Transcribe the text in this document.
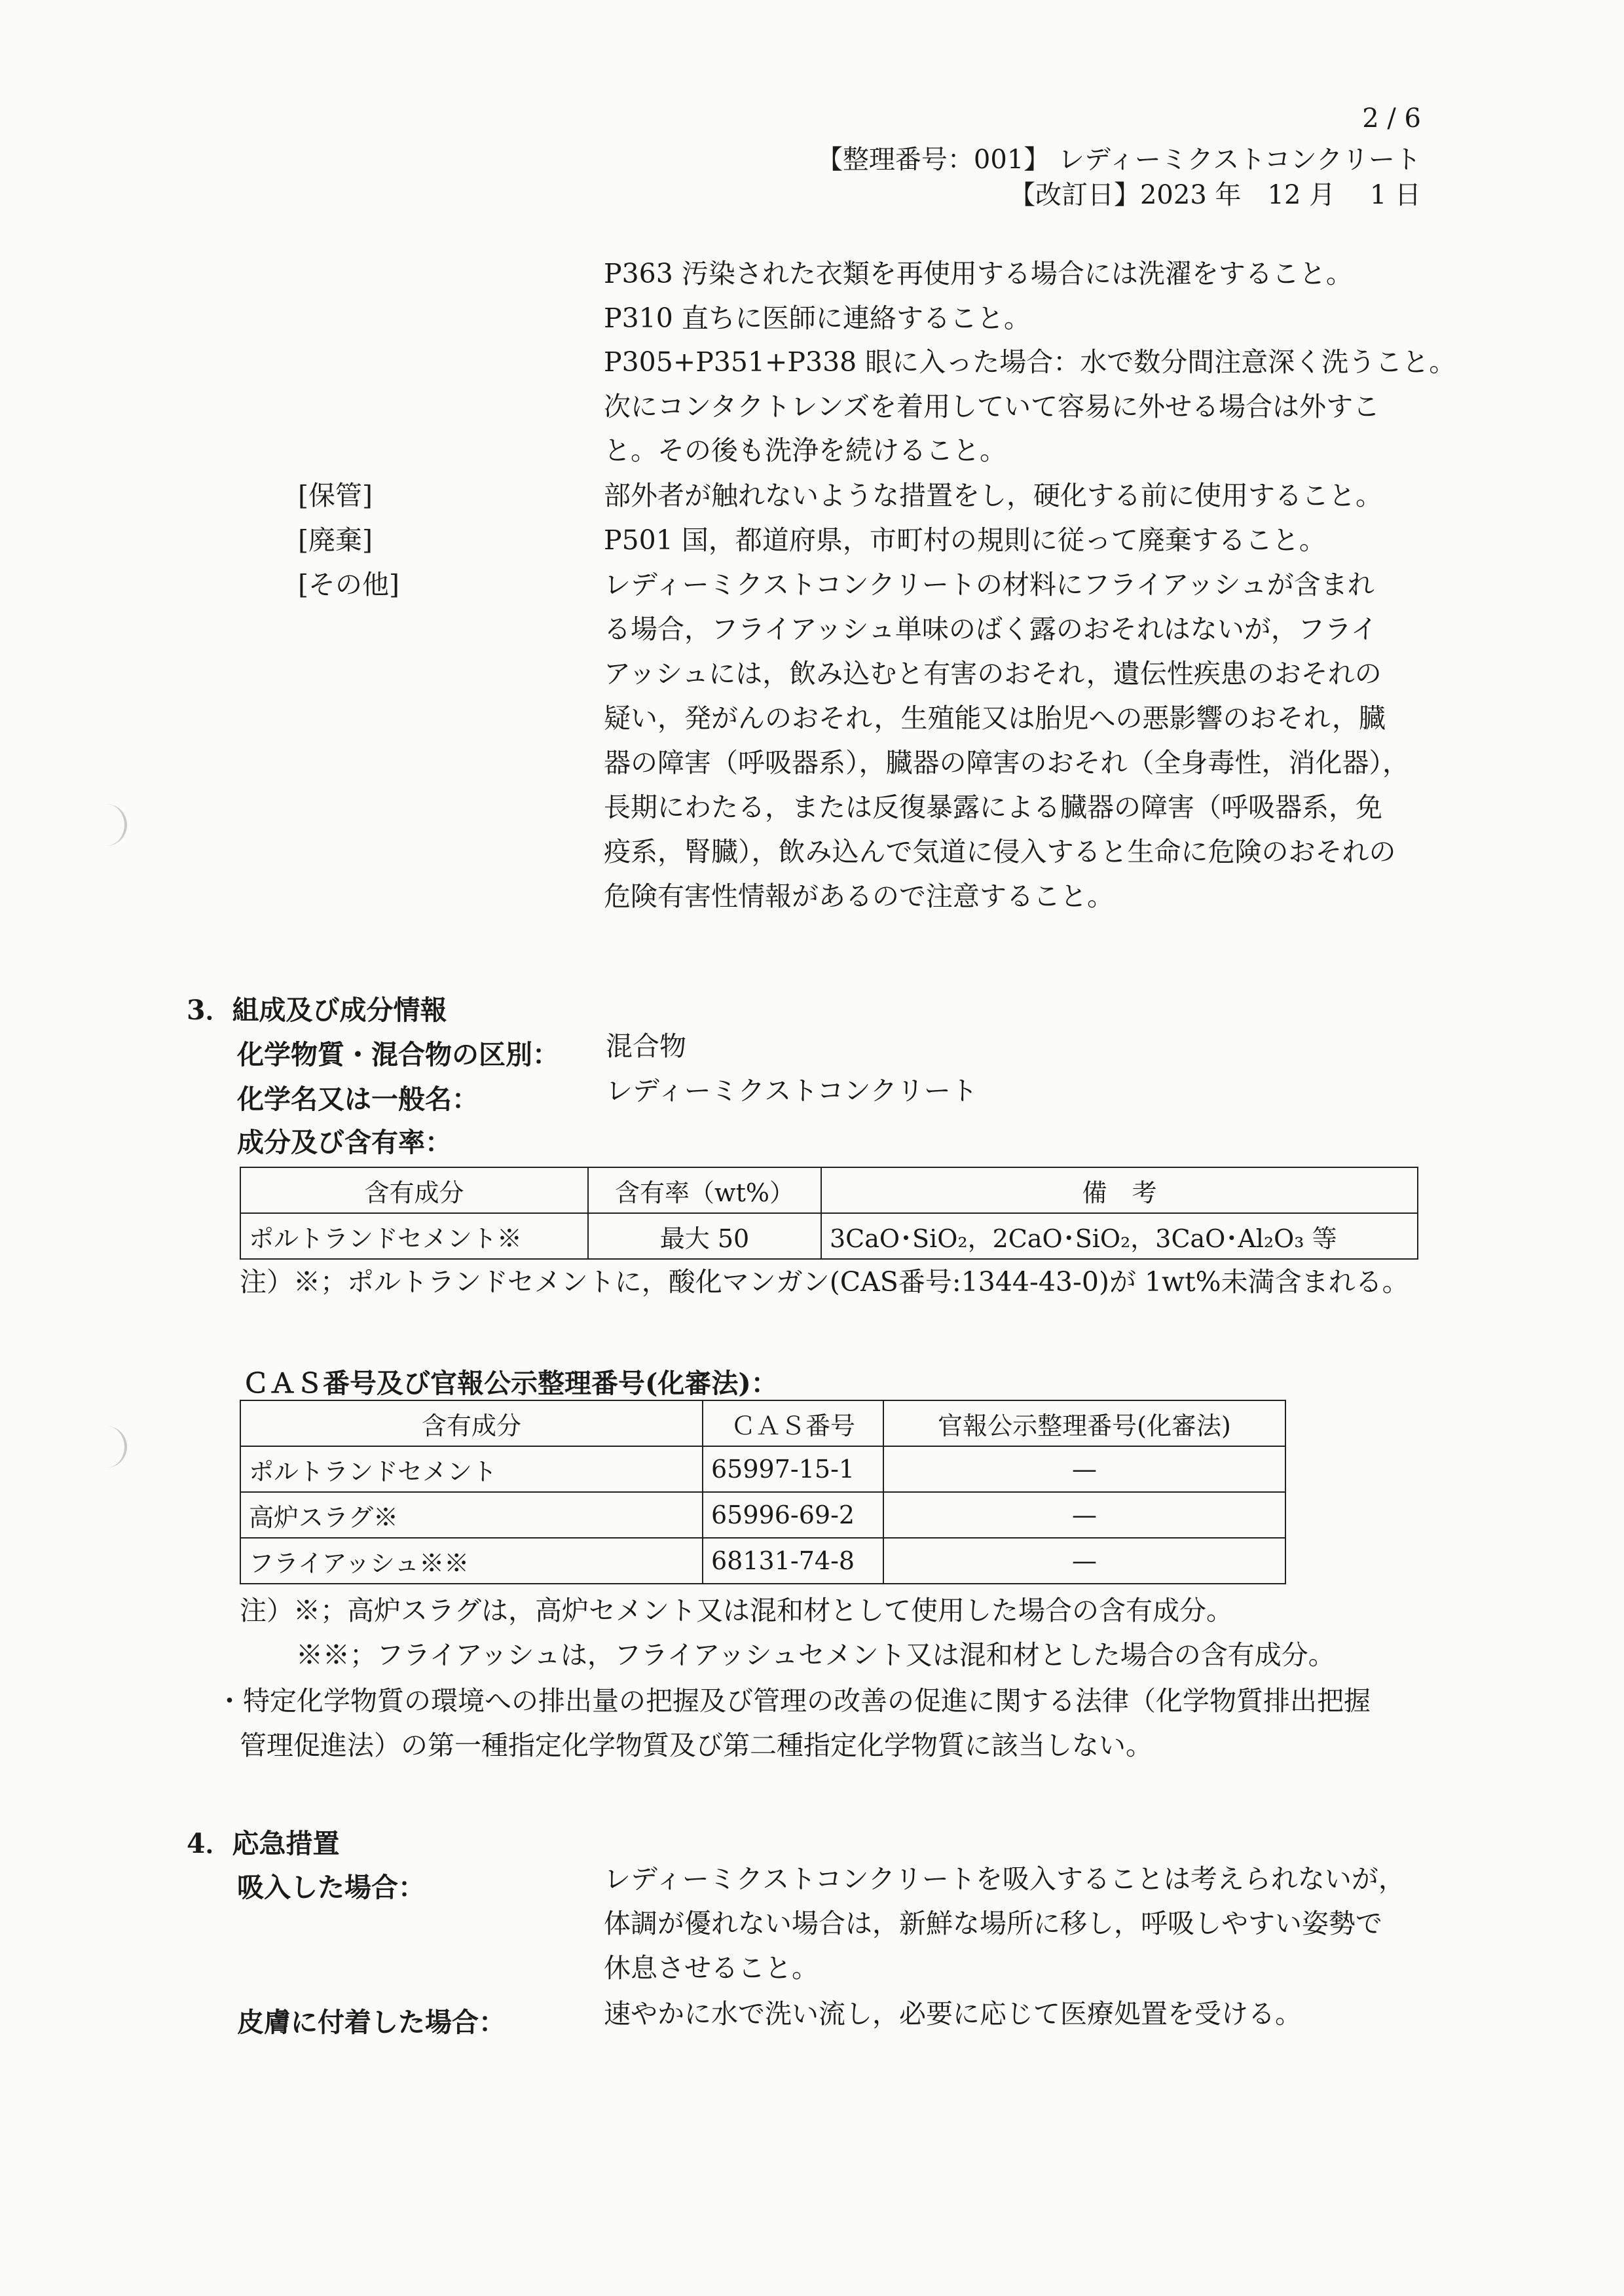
2 / 6
【整理番号：001】 レディーミクストコンクリート
【改訂日】2023 年　12 月　 1 日
P363 汚染された衣類を再使用する場合には洗濯をすること。
P310 直ちに医師に連絡すること。
P305+P351+P338 眼に入った場合：水で数分間注意深く洗うこと。
次にコンタクトレンズを着用していて容易に外せる場合は外すこ
と。その後も洗浄を続けること。
[保管]	部外者が触れないような措置をし，硬化する前に使用すること。
[廃棄]	P501 国，都道府県，市町村の規則に従って廃棄すること。
[その他]	レディーミクストコンクリートの材料にフライアッシュが含まれ
る場合，フライアッシュ単味のばく露のおそれはないが，フライ
アッシュには，飲み込むと有害のおそれ，遺伝性疾患のおそれの
疑い，発がんのおそれ，生殖能又は胎児への悪影響のおそれ，臓
器の障害（呼吸器系），臓器の障害のおそれ（全身毒性，消化器），
長期にわたる，または反復暴露による臓器の障害（呼吸器系，免
疫系，腎臓），飲み込んで気道に侵入すると生命に危険のおそれの
危険有害性情報があるので注意すること。
3．組成及び成分情報
化学物質・混合物の区別： 混合物
化学名又は一般名：	レディーミクストコンクリート
成分及び含有率：
含有成分	含有率（wt%）	備　考
ポルトランドセメント※	最大 50	3CaO･SiO₂，2CaO･SiO₂，3CaO･Al₂O₃ 等
注）※；ポルトランドセメントに，酸化マンガン(CAS番号:1344-43-0)が 1wt%未満含まれる。
ＣＡＳ番号及び官報公示整理番号(化審法)：
含有成分	ＣＡＳ番号	官報公示整理番号(化審法)
ポルトランドセメント	65997-15-1	—
高炉スラグ※	65996-69-2	—
フライアッシュ※※	68131-74-8	—
注）※；高炉スラグは，高炉セメント又は混和材として使用した場合の含有成分。
※※；フライアッシュは，フライアッシュセメント又は混和材とした場合の含有成分。
・特定化学物質の環境への排出量の把握及び管理の改善の促進に関する法律（化学物質排出把握
管理促進法）の第一種指定化学物質及び第二種指定化学物質に該当しない。
4．応急措置
吸入した場合：	レディーミクストコンクリートを吸入することは考えられないが，
体調が優れない場合は，新鮮な場所に移し，呼吸しやすい姿勢で
休息させること。
皮膚に付着した場合：	速やかに水で洗い流し，必要に応じて医療処置を受ける。
